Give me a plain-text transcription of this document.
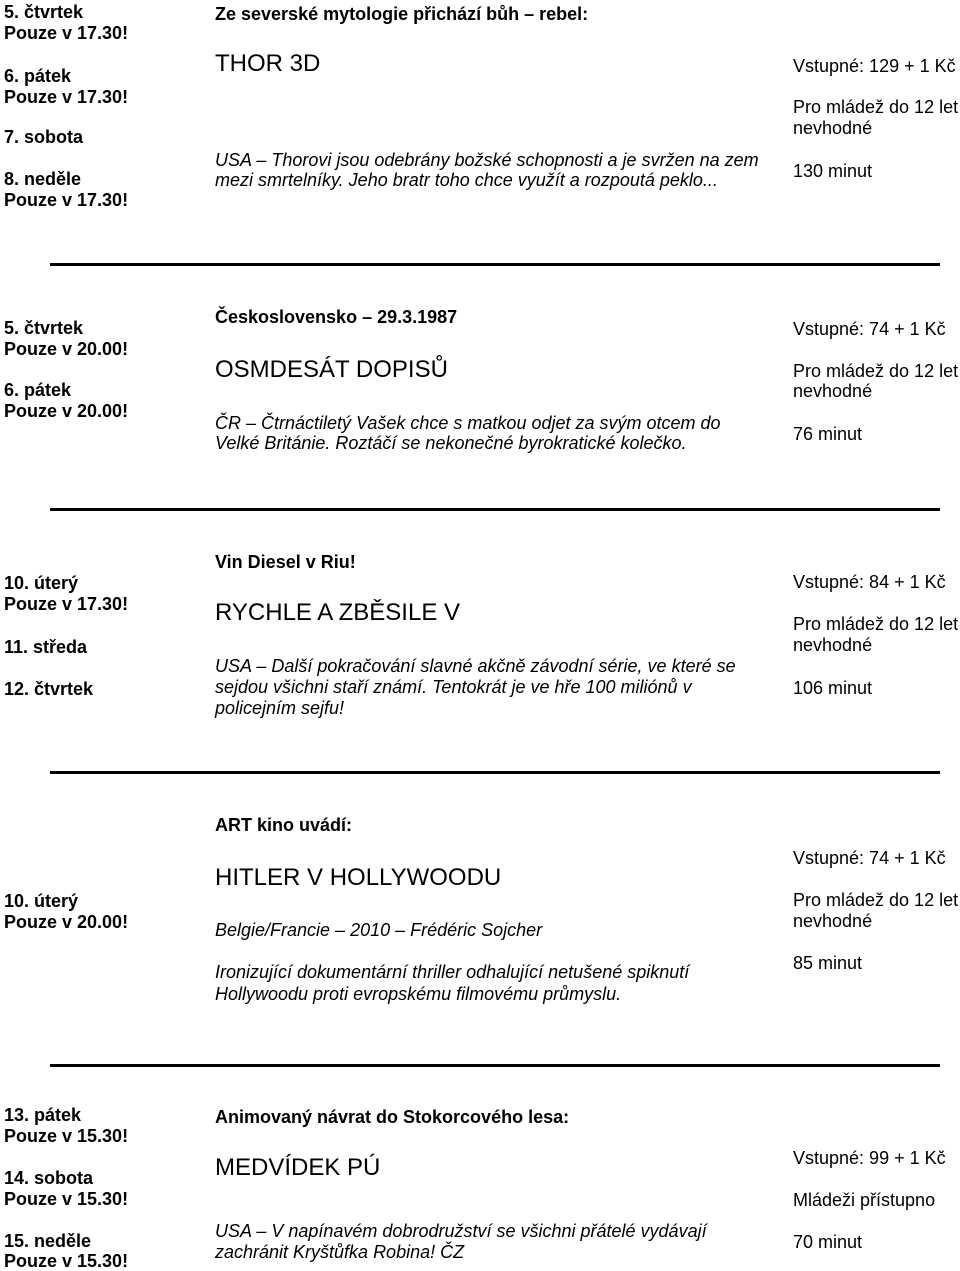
5. čtvrtek
Pouze v 17.30!
6. pátek
Pouze v 17.30!
7. sobota
8. neděle
Pouze v 17.30!
Ze severské mytologie přichází bůh – rebel:
THOR 3D
USA – Thorovi jsou odebrány božské schopnosti a je svržen na zem
mezi smrtelníky. Jeho bratr toho chce využít a rozpoutá peklo...
Vstupné: 129 + 1 Kč
Pro mládež do 12 let
nevhodné
130 minut
5. čtvrtek
Pouze v 20.00!
6. pátek
Pouze v 20.00!
Československo – 29.3.1987
OSMDESÁT DOPISŮ
ČR – Čtrnáctiletý Vašek chce s matkou odjet za svým otcem do
Velké Británie. Roztáčí se nekonečné byrokratické kolečko.
Vstupné: 74 + 1 Kč
Pro mládež do 12 let
nevhodné
76 minut
10. úterý
Pouze v 17.30!
11. středa
12. čtvrtek
Vin Diesel v Riu!
RYCHLE A ZBĚSILE V
USA – Další pokračování slavné akčně závodní série, ve které se
sejdou všichni staří známí. Tentokrát je ve hře 100 miliónů v
policejním sejfu!
Vstupné: 84 + 1 Kč
Pro mládež do 12 let
nevhodné
106 minut
10. úterý
Pouze v 20.00!
ART kino uvádí:
HITLER V HOLLYWOODU
Belgie/Francie – 2010 – Frédéric Sojcher
Ironizující dokumentární thriller odhalující netušené spiknutí
Hollywoodu proti evropskému filmovému průmyslu.
Vstupné: 74 + 1 Kč
Pro mládež do 12 let
nevhodné
85 minut
13. pátek
Pouze v 15.30!
14. sobota
Pouze v 15.30!
15. neděle
Pouze v 15.30!
Animovaný návrat do Stokorcového lesa:
MEDVÍDEK PÚ
USA – V napínavém dobrodružství se všichni přátelé vydávají
zachránit Kryštůfka Robina! ČZ
Vstupné: 99 + 1 Kč
Mládeži přístupno
70 minut
